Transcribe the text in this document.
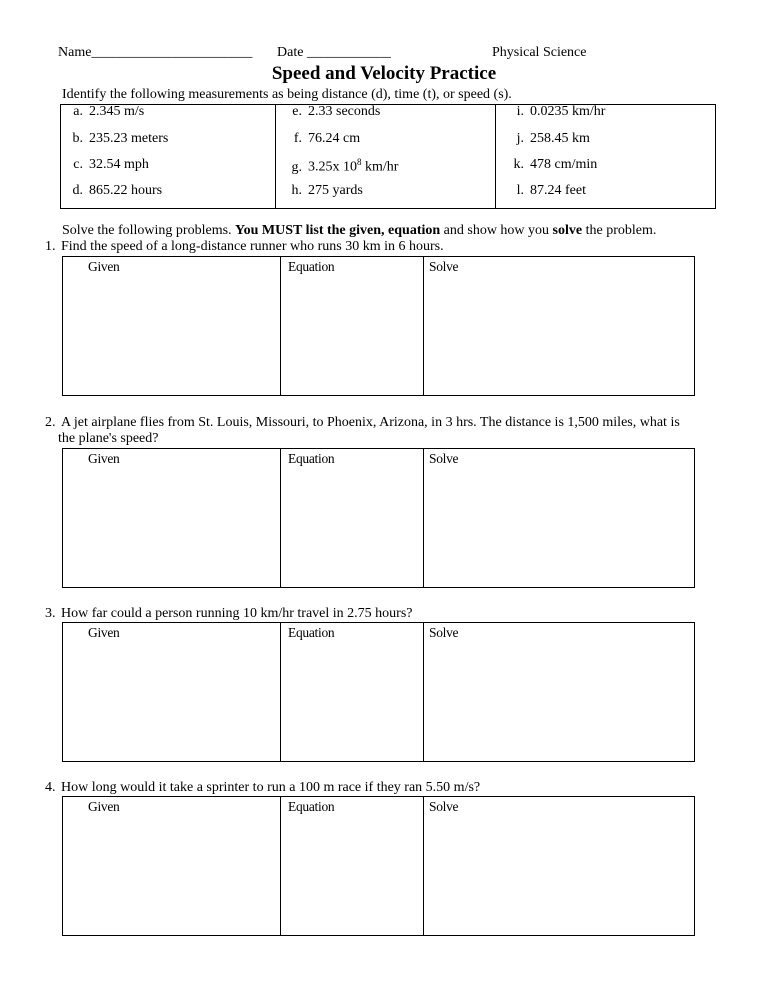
Name_______________________ Date ____________	Physical Science
Speed and Velocity Practice
Identify the following measurements as being distance (d), time (t), or speed (s).
a. 2.345 m/s
b. 235.23 meters
c. 32.54 mph
d. 865.22 hours
e. 2.33 seconds
f. 76.24 cm
g. 3.25x $10^8$ km/hr
h. 275 yards
i. 0.0235 km/hr
j. 258.45 km
k. 478 cm/min
l. 87.24 feet
Solve the following problems. You MUST list the given, equation and show how you solve the problem.
1. Find the speed of a long-distance runner who runs 30 km in 6 hours.
Given	Equation	Solve
2. A jet airplane flies from St. Louis, Missouri, to Phoenix, Arizona, in 3 hrs. The distance is 1,500 miles, what is
the plane's speed?
Given	Equation	Solve
3. How far could a person running 10 km/hr travel in 2.75 hours?
Given	Equation	Solve
4. How long would it take a sprinter to run a 100 m race if they ran 5.50 m/s?
Given	Equation	Solve
